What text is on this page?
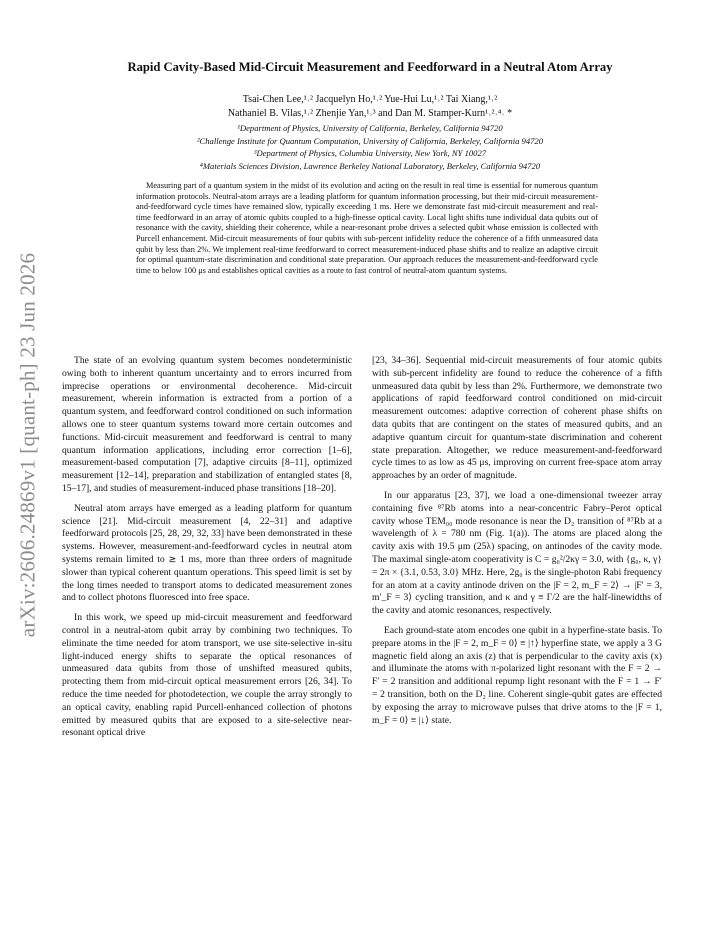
arXiv:2606.24869v1 [quant-ph] 23 Jun 2026
Rapid Cavity-Based Mid-Circuit Measurement and Feedforward in a Neutral Atom Array
Tsai-Chen Lee,¹˒² Jacquelyn Ho,¹˒² Yue-Hui Lu,¹˒² Tai Xiang,¹˒²
Nathaniel B. Vilas,¹˒² Zhenjie Yan,¹˒³ and Dan M. Stamper-Kurn¹˒²˒⁴˒ *
¹Department of Physics, University of California, Berkeley, California 94720
²Challenge Institute for Quantum Computation, University of California, Berkeley, California 94720
³Department of Physics, Columbia University, New York, NY 10027
⁴Materials Sciences Division, Lawrence Berkeley National Laboratory, Berkeley, California 94720
Measuring part of a quantum system in the midst of its evolution and acting on the result in real time is essential for numerous quantum information protocols. Neutral-atom arrays are a leading platform for quantum information processing, but their mid-circuit measurement-and-feedforward cycle times have remained slow, typically exceeding 1 ms. Here we demonstrate fast mid-circuit measurement and real-time feedforward in an array of atomic qubits coupled to a high-finesse optical cavity. Local light shifts tune individual data qubits out of resonance with the cavity, shielding their coherence, while a near-resonant probe drives a selected qubit whose emission is collected with Purcell enhancement. Mid-circuit measurements of four qubits with sub-percent infidelity reduce the coherence of a fifth unmeasured data qubit by less than 2%. We implement real-time feedforward to correct measurement-induced phase shifts and to realize an adaptive circuit for optimal quantum-state discrimination and conditional state preparation. Our approach reduces the measurement-and-feedforward cycle time to below 100 μs and establishes optical cavities as a route to fast control of neutral-atom quantum systems.

The state of an evolving quantum system becomes nondeterministic owing both to inherent quantum uncertainty and to errors incurred from imprecise operations or environmental decoherence. Mid-circuit measurement, wherein information is extracted from a portion of a quantum system, and feedforward control conditioned on such information allows one to steer quantum systems toward more certain outcomes and functions. Mid-circuit measurement and feedforward is central to many quantum information applications, including error correction [1–6], measurement-based computation [7], adaptive circuits [8–11], optimized measurement [12–14], preparation and stabilization of entangled states [8, 15–17], and studies of measurement-induced phase transitions [18–20].

Neutral atom arrays have emerged as a leading platform for quantum science [21]. Mid-circuit measurement [4, 22–31] and adaptive feedforward protocols [25, 28, 29, 32, 33] have been demonstrated in these systems. However, measurement-and-feedforward cycles in neutral atom systems remain limited to ≳ 1 ms, more than three orders of magnitude slower than typical coherent quantum operations. This speed limit is set by the long times needed to transport atoms to dedicated measurement zones and to collect photons fluoresced into free space.

In this work, we speed up mid-circuit measurement and feedforward control in a neutral-atom qubit array by combining two techniques. To eliminate the time needed for atom transport, we use site-selective in-situ light-induced energy shifts to separate the optical resonances of unmeasured data qubits from those of unshifted measured qubits, protecting them from mid-circuit optical measurement errors [26, 34]. To reduce the time needed for photodetection, we couple the array strongly to an optical cavity, enabling rapid Purcell-enhanced collection of photons emitted by measured qubits that are exposed to a site-selective near-resonant optical drive

[23, 34–36]. Sequential mid-circuit measurements of four atomic qubits with sub-percent infidelity are found to reduce the coherence of a fifth unmeasured data qubit by less than 2%. Furthermore, we demonstrate two applications of rapid feedforward control conditioned on mid-circuit measurement outcomes: adaptive correction of coherent phase shifts on data qubits that are contingent on the states of measured qubits, and an adaptive quantum circuit for quantum-state discrimination and coherent state preparation. Altogether, we reduce measurement-and-feedforward cycle times to as low as 45 μs, improving on current free-space atom array approaches by an order of magnitude.

In our apparatus [23, 37], we load a one-dimensional tweezer array containing five ⁸⁷Rb atoms into a near-concentric Fabry–Perot optical cavity whose TEM₀₀ mode resonance is near the D₂ transition of ⁸⁷Rb at a wavelength of λ = 780 nm (Fig. 1(a)). The atoms are placed along the cavity axis with 19.5 μm (25λ) spacing, on antinodes of the cavity mode. The maximal single-atom cooperativity is C = g₀²/2κγ = 3.0, with {g₀, κ, γ} = 2π × {3.1, 0.53, 3.0} MHz. Here, 2g₀ is the single-photon Rabi frequency for an atom at a cavity antinode driven on the |F = 2, m_F = 2⟩ → |F′ = 3, m′_F = 3⟩ cycling transition, and κ and γ ≡ Γ/2 are the half-linewidths of the cavity and atomic resonances, respectively.

Each ground-state atom encodes one qubit in a hyperfine-state basis. To prepare atoms in the |F = 2, m_F = 0⟩ ≡ |↑⟩ hyperfine state, we apply a 3 G magnetic field along an axis (z) that is perpendicular to the cavity axis (x) and illuminate the atoms with π-polarized light resonant with the F = 2 → F′ = 2 transition and additional repump light resonant with the F = 1 → F′ = 2 transition, both on the D₂ line. Coherent single-qubit gates are effected by exposing the array to microwave pulses that drive atoms to the |F = 1, m_F = 0⟩ ≡ |↓⟩ state.
